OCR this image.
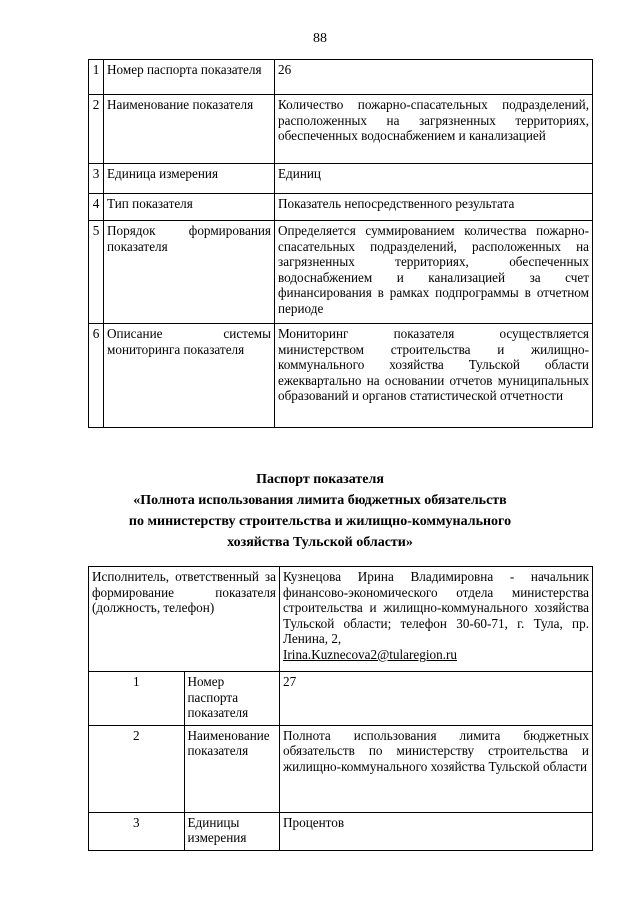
88
1	Номер паспорта показателя	26
2	Наименование показателя	Количество пожарно-спасательных подразделений, расположенных на загрязненных территориях, обеспеченных водоснабжением и канализацией
3	Единица измерения	Единиц
4	Тип показателя	Показатель непосредственного результата
5	Порядок формирования показателя	Определяется суммированием количества пожарно-спасательных подразделений, расположенных на загрязненных территориях, обеспеченных водоснабжением и канализацией за счет финансирования в рамках подпрограммы в отчетном периоде
6	Описание системы мониторинга показателя	Мониторинг показателя осуществляется министерством строительства и жилищно-коммунального хозяйства Тульской области ежеквартально на основании отчетов муниципальных образований и органов статистической отчетности
Паспорт показателя
«Полнота использования лимита бюджетных обязательств
по министерству строительства и жилищно-коммунального
хозяйства Тульской области»
Исполнитель, ответственный за формирование показателя (должность, телефон)		Кузнецова Ирина Владимировна - начальник финансово-экономического отдела министерства строительства и жилищно-коммунального хозяйства Тульской области; телефон 30-60-71, г. Тула, пр. Ленина, 2,
Irina.Kuznecova2@tularegion.ru
1	Номер паспорта показателя	27
2	Наименование показателя	Полнота использования лимита бюджетных обязательств по министерству строительства и жилищно-коммунального хозяйства Тульской области
3	Единицы измерения	Процентов
